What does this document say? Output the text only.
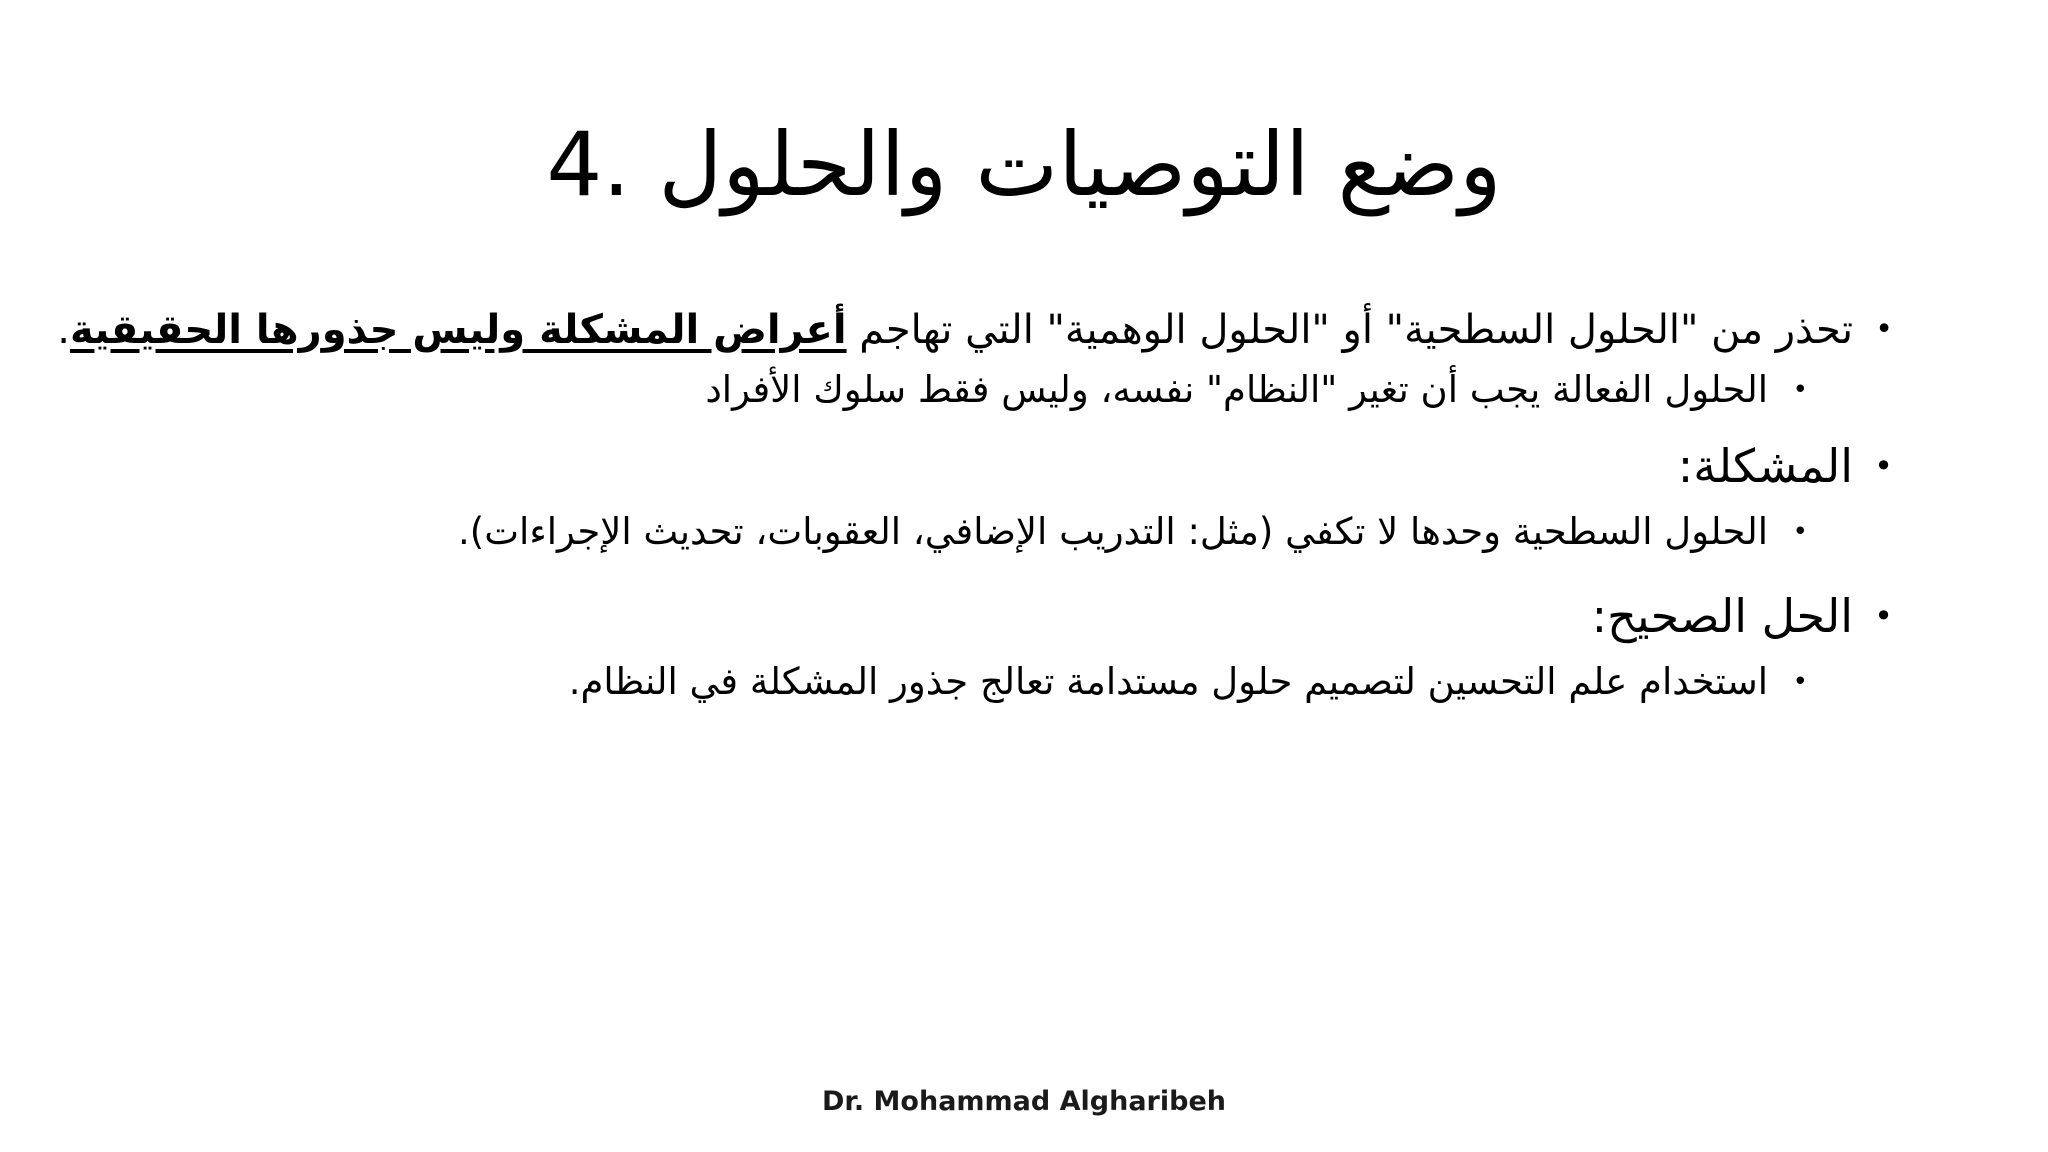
4. وضع التوصيات والحلول
•
تحذر من "الحلول السطحية" أو "الحلول الوهمية" التي تهاجم أعراض المشكلة وليس جذورها الحقيقية.
•
الحلول الفعالة يجب أن تغير "النظام" نفسه، وليس فقط سلوك الأفراد
•
المشكلة:
•
الحلول السطحية وحدها لا تكفي (مثل: التدريب الإضافي، العقوبات، تحديث الإجراءات).
•
الحل الصحيح:
•
استخدام علم التحسين لتصميم حلول مستدامة تعالج جذور المشكلة في النظام.
Dr. Mohammad Algharibeh
